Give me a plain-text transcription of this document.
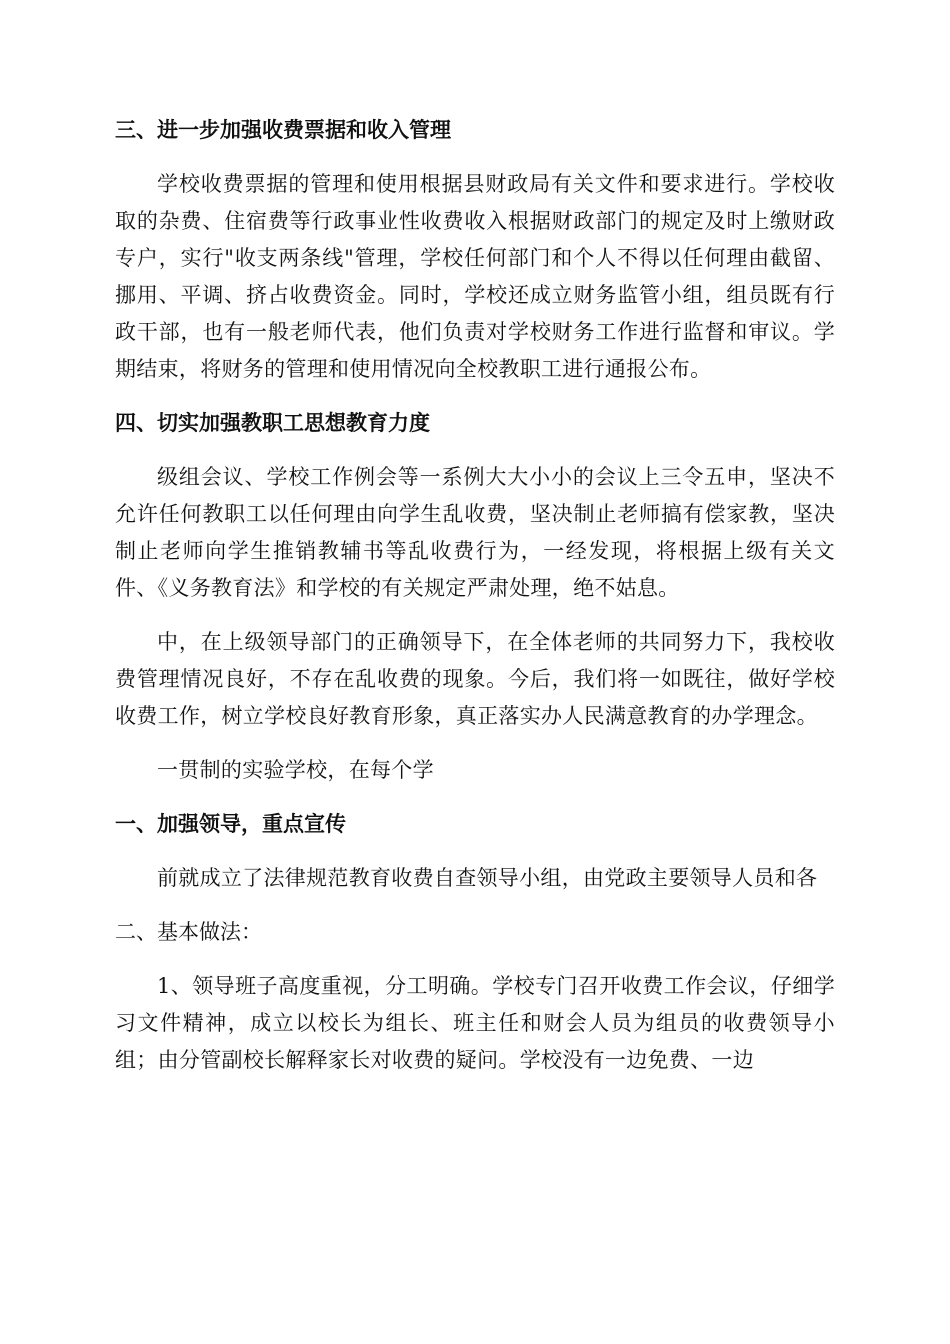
三、进一步加强收费票据和收入管理
学校收费票据的管理和使用根据县财政局有关文件和要求进行。学校收取的杂费、住宿费等行政事业性收费收入根据财政部门的规定及时上缴财政专户，实行"收支两条线"管理，学校任何部门和个人不得以任何理由截留、挪用、平调、挤占收费资金。同时，学校还成立财务监管小组，组员既有行政干部，也有一般老师代表，他们负责对学校财务工作进行监督和审议。学期结束，将财务的管理和使用情况向全校教职工进行通报公布。
四、切实加强教职工思想教育力度
级组会议、学校工作例会等一系例大大小小的会议上三令五申，坚决不允许任何教职工以任何理由向学生乱收费，坚决制止老师搞有偿家教，坚决制止老师向学生推销教辅书等乱收费行为，一经发现，将根据上级有关文件、《义务教育法》和学校的有关规定严肃处理，绝不姑息。
中，在上级领导部门的正确领导下，在全体老师的共同努力下，我校收费管理情况良好，不存在乱收费的现象。今后，我们将一如既往，做好学校收费工作，树立学校良好教育形象，真正落实办人民满意教育的办学理念。
一贯制的实验学校，在每个学
一、加强领导，重点宣传
前就成立了法律规范教育收费自查领导小组，由党政主要领导人员和各
二、基本做法：
1、领导班子高度重视，分工明确。学校专门召开收费工作会议，仔细学习文件精神，成立以校长为组长、班主任和财会人员为组员的收费领导小组；由分管副校长解释家长对收费的疑问。学校没有一边免费、一边
